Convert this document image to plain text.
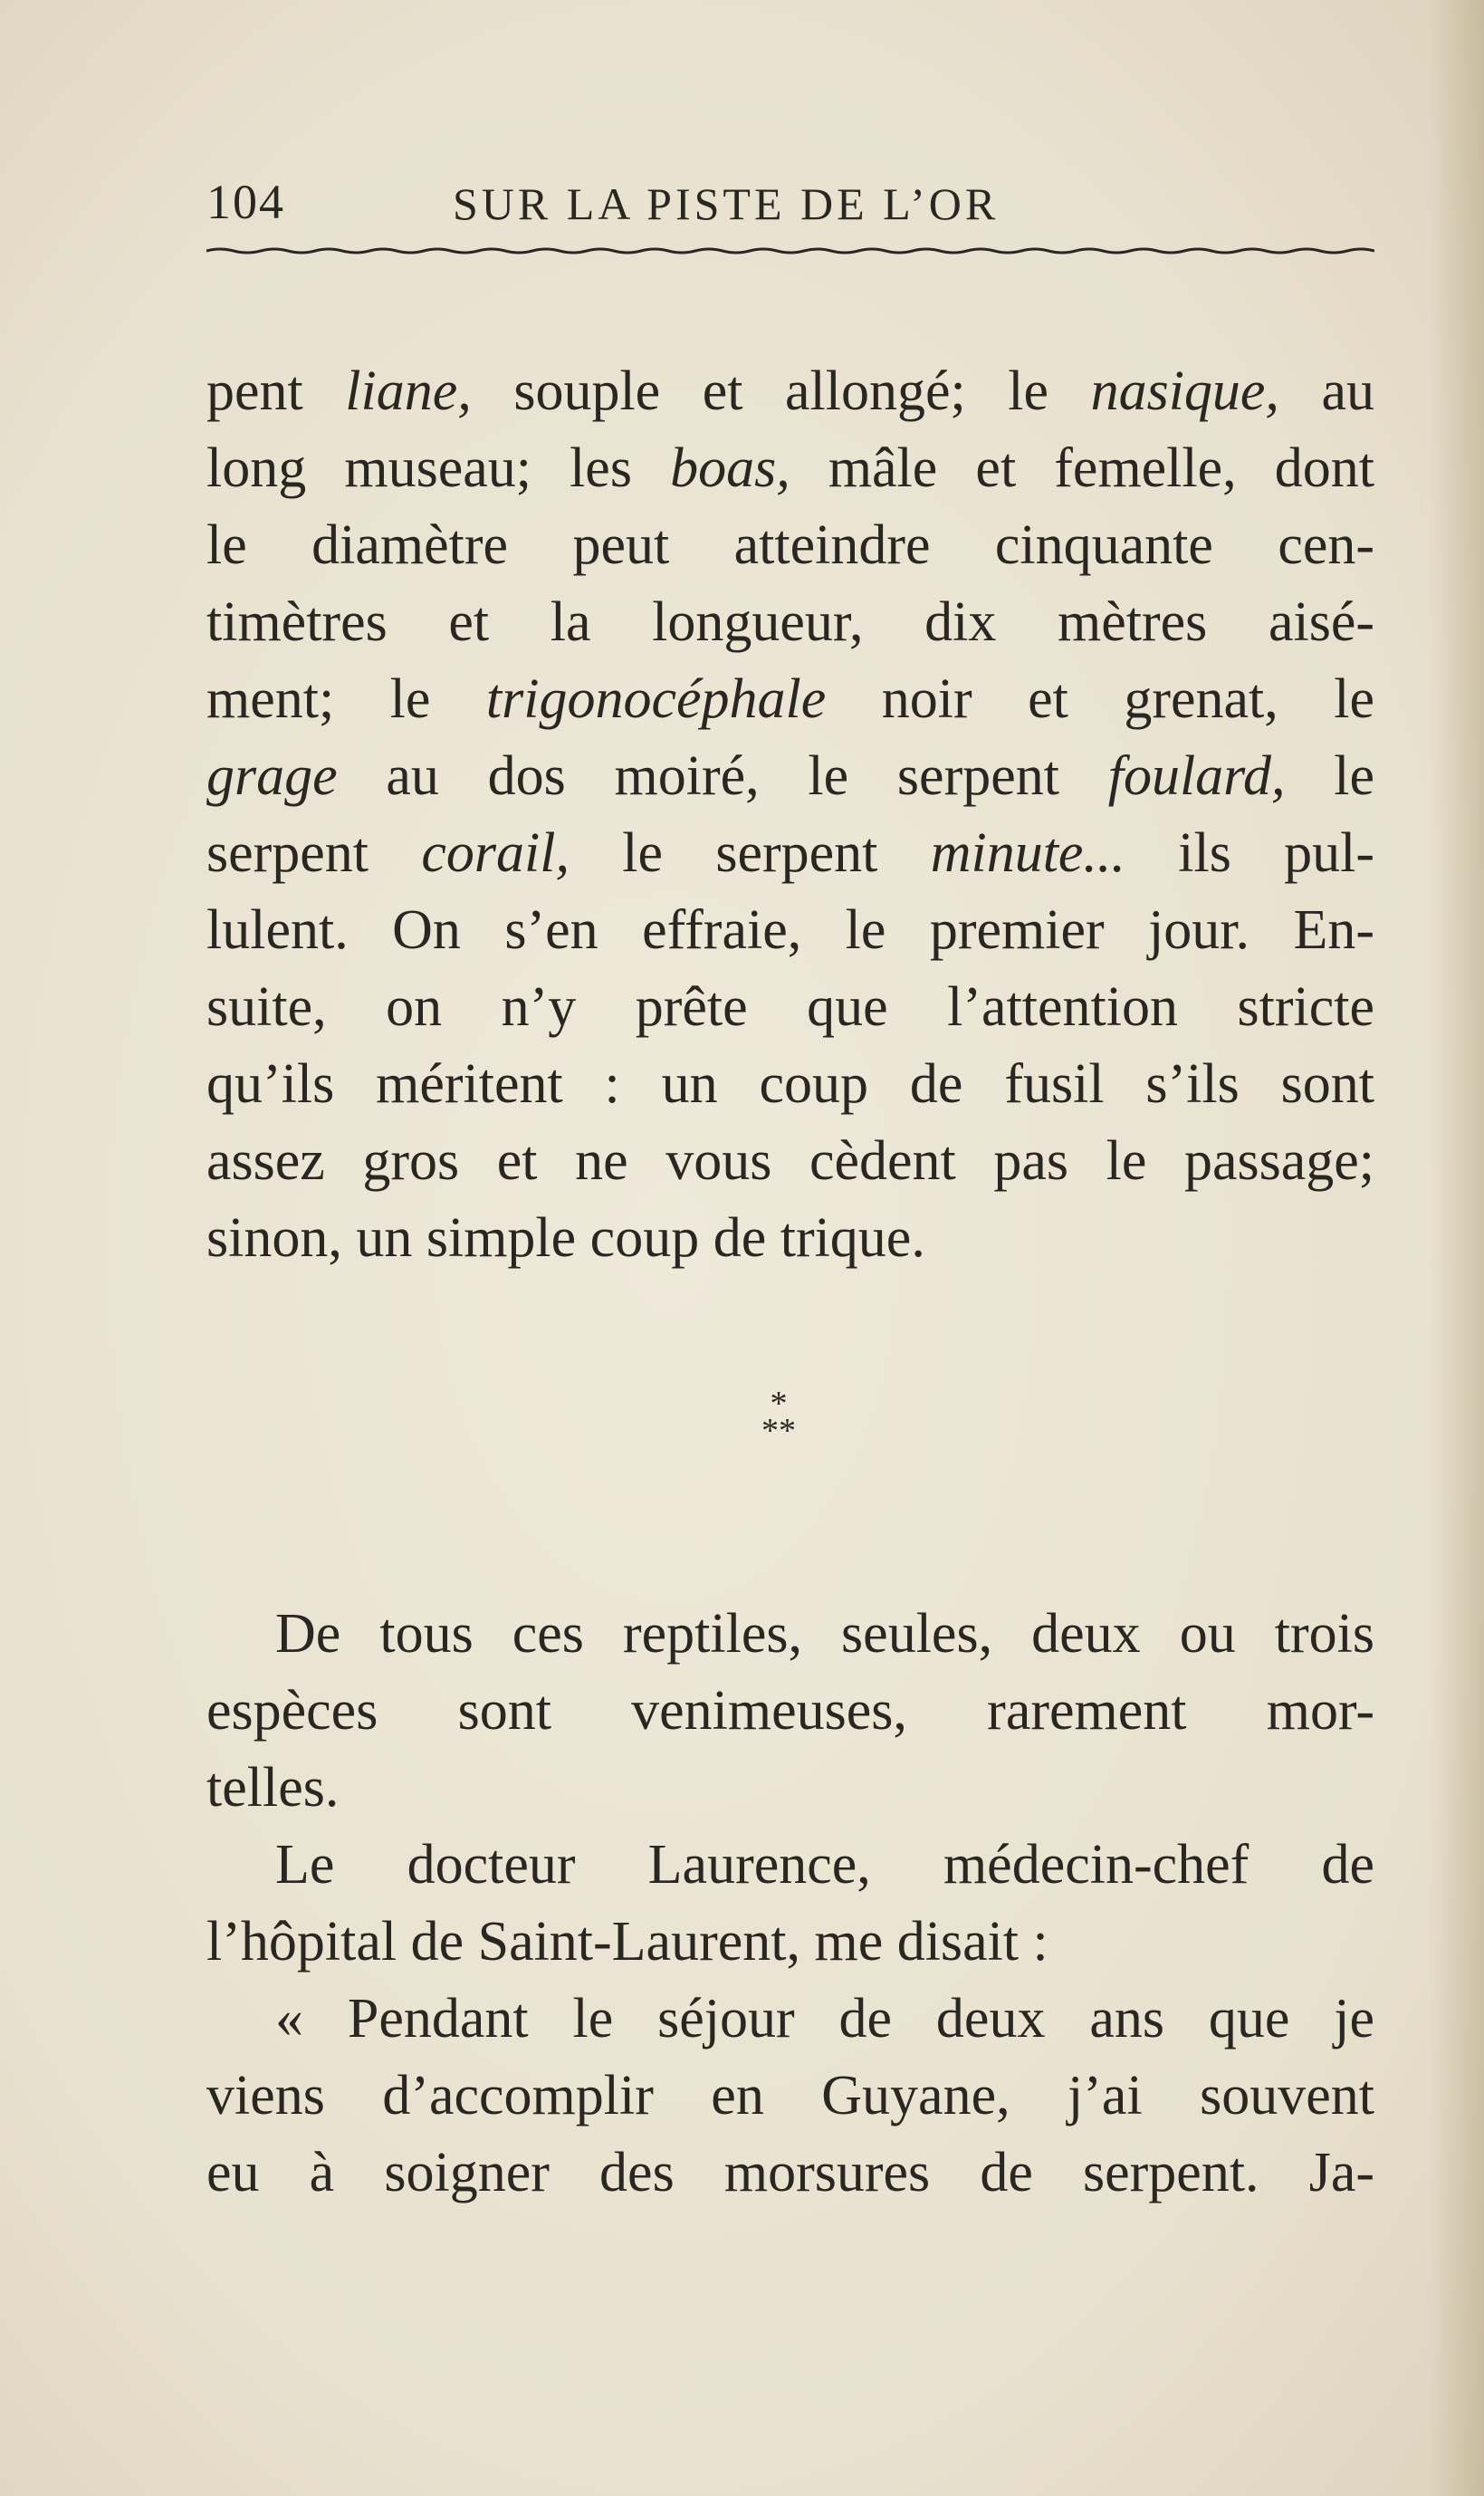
104	SUR LA PISTE DE L’OR
pent liane, souple et allongé; le nasique, au
long museau; les boas, mâle et femelle, dont
le diamètre peut atteindre cinquante cen-
timètres et la longueur, dix mètres aisé-
ment; le trigonocéphale noir et grenat, le
grage au dos moiré, le serpent foulard, le
serpent corail, le serpent minute... ils pul-
lulent. On s’en effraie, le premier jour. En-
suite, on n’y prête que l’attention stricte
qu’ils méritent : un coup de fusil s’ils sont
assez gros et ne vous cèdent pas le passage;
sinon, un simple coup de trique.
*
**
De tous ces reptiles, seules, deux ou trois
espèces sont venimeuses, rarement mor-
telles.
Le docteur Laurence, médecin-chef de
l’hôpital de Saint-Laurent, me disait :
« Pendant le séjour de deux ans que je
viens d’accomplir en Guyane, j’ai souvent
eu à soigner des morsures de serpent. Ja-
